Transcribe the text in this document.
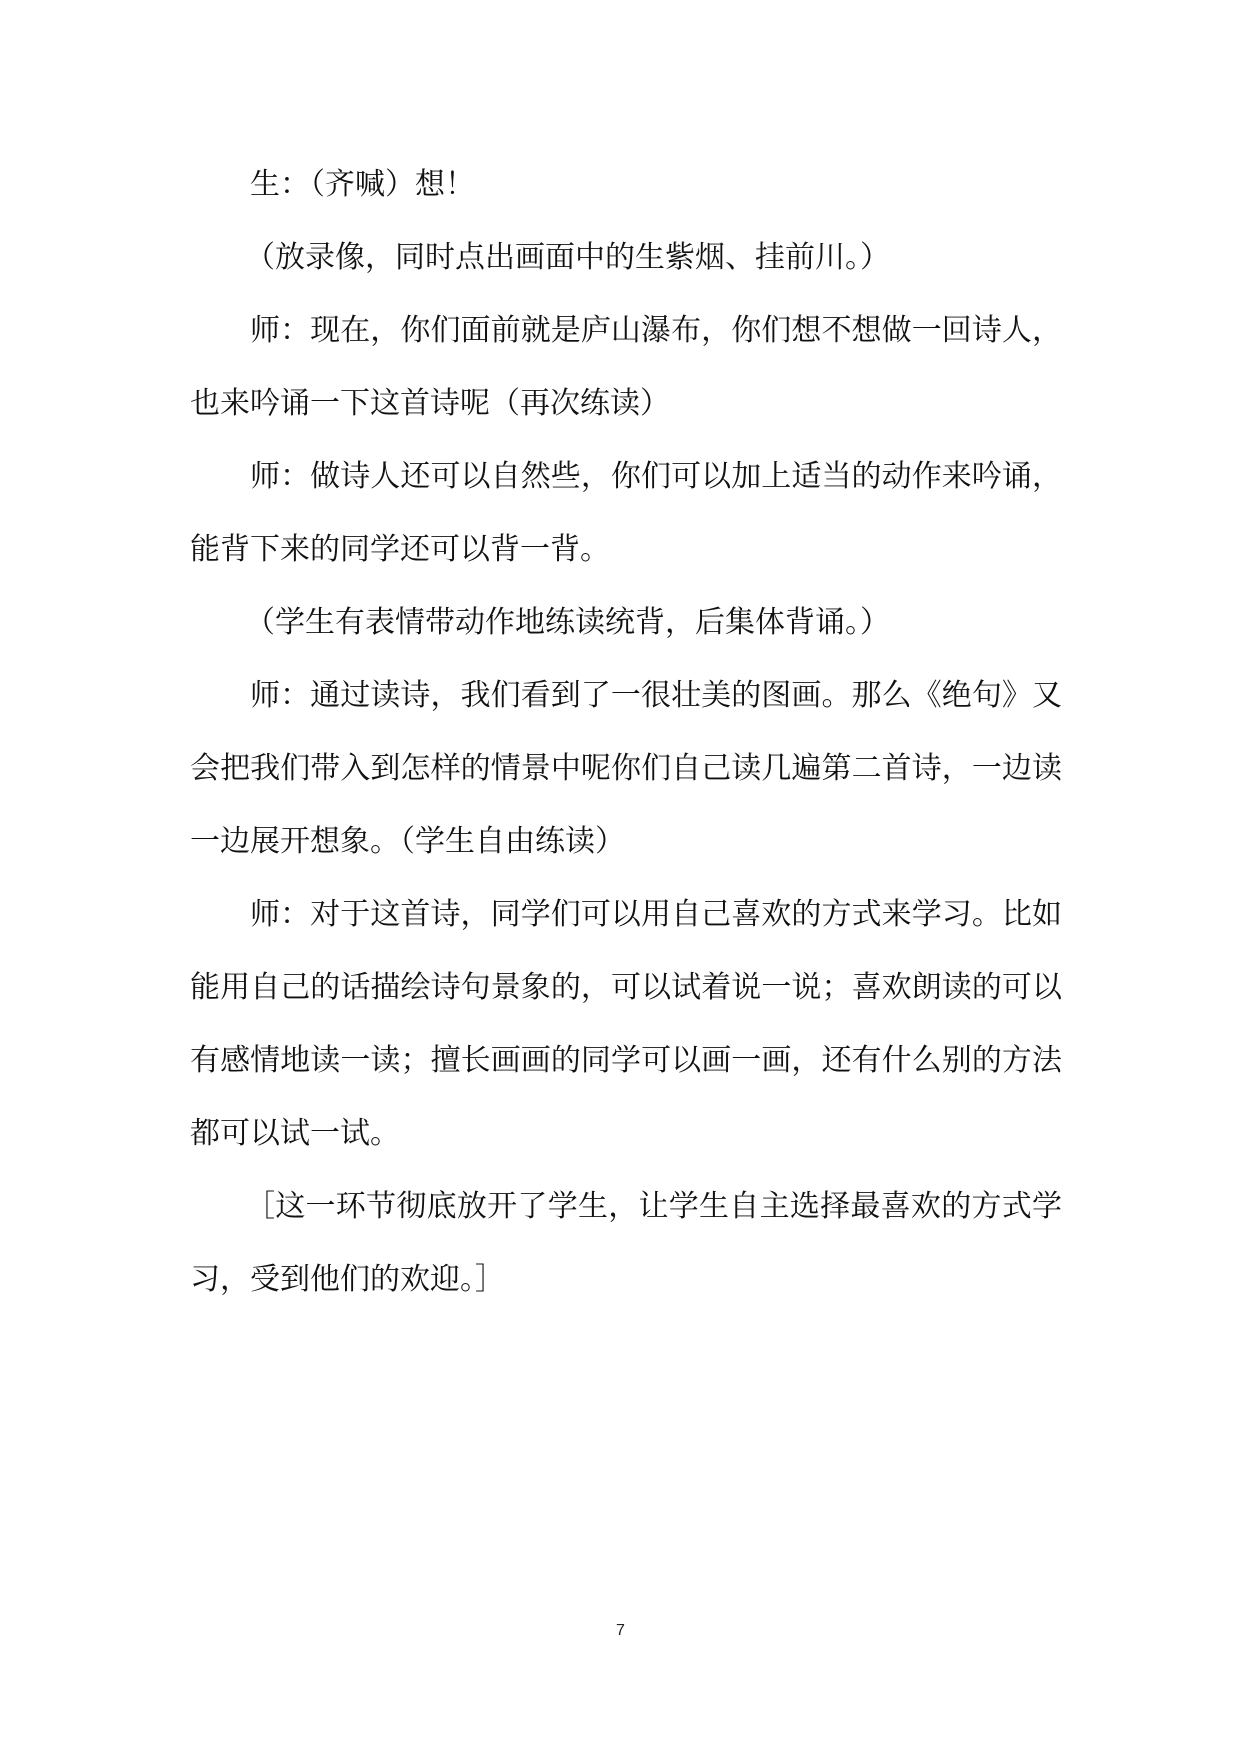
生：（齐喊）想！

（放录像，同时点出画面中的生紫烟、挂前川。）

师：现在，你们面前就是庐山瀑布，你们想不想做一回诗人，也来吟诵一下这首诗呢（再次练读）

师：做诗人还可以自然些，你们可以加上适当的动作来吟诵，能背下来的同学还可以背一背。

（学生有表情带动作地练读统背，后集体背诵。）

师：通过读诗，我们看到了一很壮美的图画。那么《绝句》又会把我们带入到怎样的情景中呢你们自己读几遍第二首诗，一边读一边展开想象。（学生自由练读）

师：对于这首诗，同学们可以用自己喜欢的方式来学习。比如能用自己的话描绘诗句景象的，可以试着说一说；喜欢朗读的可以有感情地读一读；擅长画画的同学可以画一画，还有什么别的方法都可以试一试。

［这一环节彻底放开了学生，让学生自主选择最喜欢的方式学习，受到他们的欢迎。］

7
